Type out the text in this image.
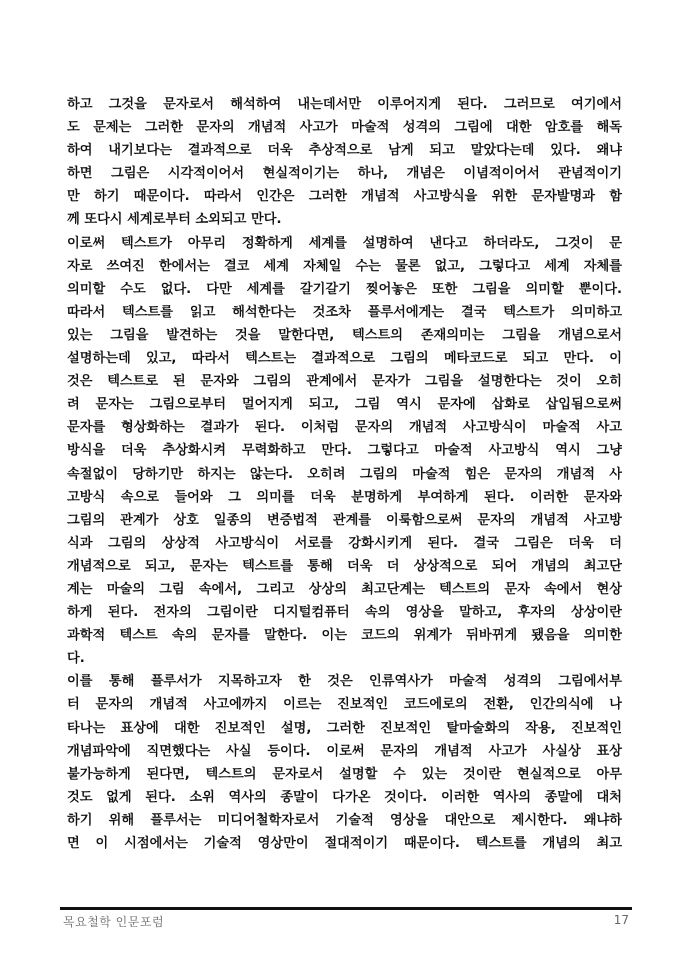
하고 그것을 문자로서 해석하여 내는데서만 이루어지게 된다. 그러므로 여기에서
도 문제는 그러한 문자의 개념적 사고가 마술적 성격의 그림에 대한 암호를 해독
하여 내기보다는 결과적으로 더욱 추상적으로 남게 되고 말았다는데 있다. 왜냐
하면 그림은 시각적이어서 현실적이기는 하나, 개념은 이념적이어서 관념적이기
만 하기 때문이다. 따라서 인간은 그러한 개념적 사고방식을 위한 문자발명과 함
께 또다시 세계로부터 소외되고 만다.
이로써 텍스트가 아무리 정확하게 세계를 설명하여 낸다고 하더라도, 그것이 문
자로 쓰여진 한에서는 결코 세계 자체일 수는 물론 없고, 그렇다고 세계 자체를
의미할 수도 없다. 다만 세계를 갈기갈기 찢어놓은 또한 그림을 의미할 뿐이다.
따라서 텍스트를 읽고 해석한다는 것조차 플루서에게는 결국 텍스트가 의미하고
있는 그림을 발견하는 것을 말한다면, 텍스트의 존재의미는 그림을 개념으로서
설명하는데 있고, 따라서 텍스트는 결과적으로 그림의 메타코드로 되고 만다. 이
것은 텍스트로 된 문자와 그림의 관계에서 문자가 그림을 설명한다는 것이 오히
려 문자는 그림으로부터 멀어지게 되고, 그림 역시 문자에 삽화로 삽입됨으로써
문자를 형상화하는 결과가 된다. 이처럼 문자의 개념적 사고방식이 마술적 사고
방식을 더욱 추상화시켜 무력화하고 만다. 그렇다고 마술적 사고방식 역시 그냥
속절없이 당하기만 하지는 않는다. 오히려 그림의 마술적 힘은 문자의 개념적 사
고방식 속으로 들어와 그 의미를 더욱 분명하게 부여하게 된다. 이러한 문자와
그림의 관계가 상호 일종의 변증법적 관계를 이룩함으로써 문자의 개념적 사고방
식과 그림의 상상적 사고방식이 서로를 강화시키게 된다. 결국 그림은 더욱 더
개념적으로 되고, 문자는 텍스트를 통해 더욱 더 상상적으로 되어 개념의 최고단
계는 마술의 그림 속에서, 그리고 상상의 최고단계는 텍스트의 문자 속에서 현상
하게 된다. 전자의 그림이란 디지털컴퓨터 속의 영상을 말하고, 후자의 상상이란
과학적 텍스트 속의 문자를 말한다. 이는 코드의 위계가 뒤바뀌게 됐음을 의미한
다.
이를 통해 플루서가 지목하고자 한 것은 인류역사가 마술적 성격의 그림에서부
터 문자의 개념적 사고에까지 이르는 진보적인 코드에로의 전환, 인간의식에 나
타나는 표상에 대한 진보적인 설명, 그러한 진보적인 탈마술화의 작용, 진보적인
개념파악에 직면했다는 사실 등이다. 이로써 문자의 개념적 사고가 사실상 표상
불가능하게 된다면, 텍스트의 문자로서 설명할 수 있는 것이란 현실적으로 아무
것도 없게 된다. 소위 역사의 종말이 다가온 것이다. 이러한 역사의 종말에 대처
하기 위해 플루서는 미디어철학자로서 기술적 영상을 대안으로 제시한다. 왜냐하
면 이 시점에서는 기술적 영상만이 절대적이기 때문이다. 텍스트를 개념의 최고
목요철학 인문포럼	17
